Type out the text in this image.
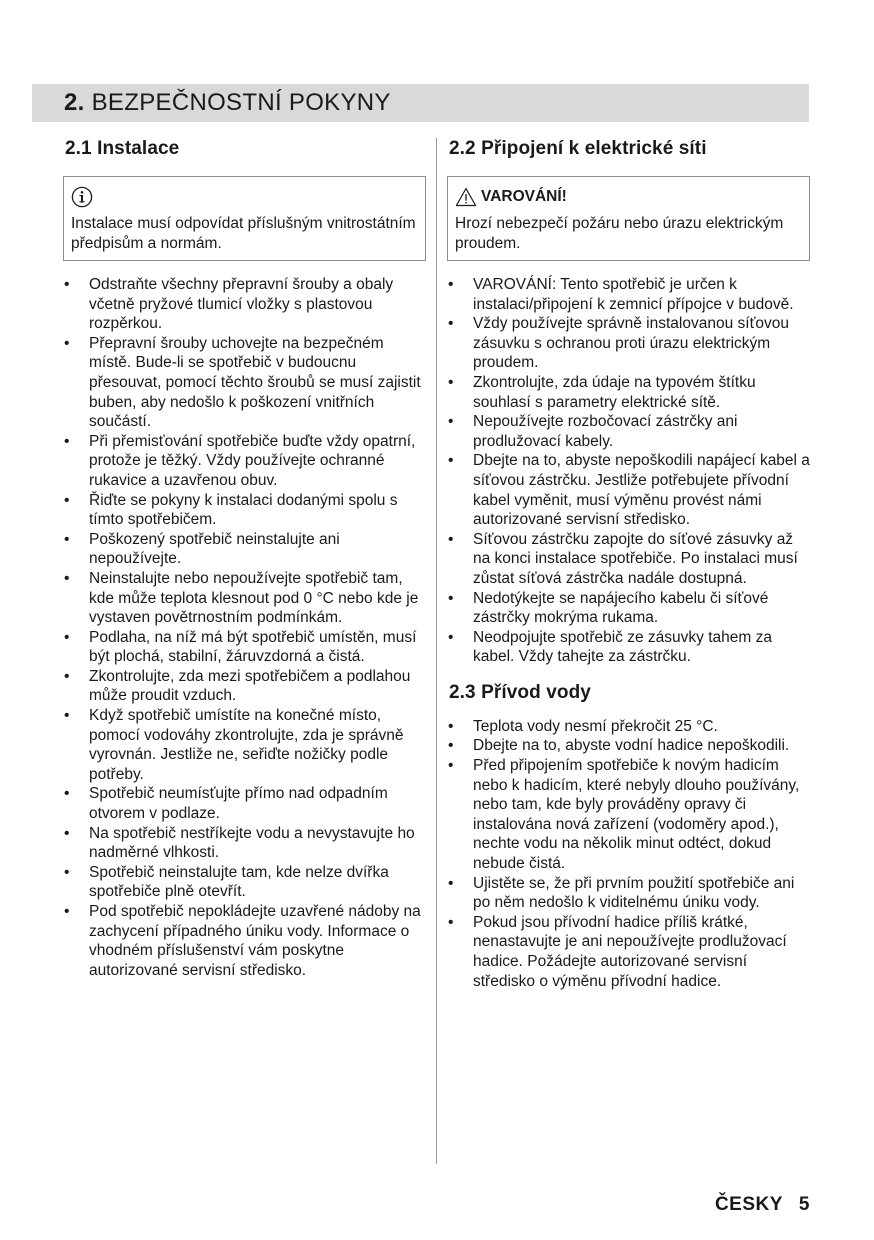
2. BEZPEČNOSTNÍ POKYNY
2.1 Instalace
Instalace musí odpovídat příslušným vnitrostátním předpisům a normám.
• Odstraňte všechny přepravní šrouby a obaly včetně pryžové tlumicí vložky s plastovou rozpěrkou.
• Přepravní šrouby uchovejte na bezpečném místě. Bude-li se spotřebič v budoucnu přesouvat, pomocí těchto šroubů se musí zajistit buben, aby nedošlo k poškození vnitřních součástí.
• Při přemisťování spotřebiče buďte vždy opatrní, protože je těžký. Vždy používejte ochranné rukavice a uzavřenou obuv.
• Řiďte se pokyny k instalaci dodanými spolu s tímto spotřebičem.
• Poškozený spotřebič neinstalujte ani nepoužívejte.
• Neinstalujte nebo nepoužívejte spotřebič tam, kde může teplota klesnout pod 0 °C nebo kde je vystaven povětrnostním podmínkám.
• Podlaha, na níž má být spotřebič umístěn, musí být plochá, stabilní, žáruvzdorná a čistá.
• Zkontrolujte, zda mezi spotřebičem a podlahou může proudit vzduch.
• Když spotřebič umístíte na konečné místo, pomocí vodováhy zkontrolujte, zda je správně vyrovnán. Jestliže ne, seřiďte nožičky podle potřeby.
• Spotřebič neumísťujte přímo nad odpadním otvorem v podlaze.
• Na spotřebič nestříkejte vodu a nevystavujte ho nadměrné vlhkosti.
• Spotřebič neinstalujte tam, kde nelze dvířka spotřebiče plně otevřít.
• Pod spotřebič nepokládejte uzavřené nádoby na zachycení případného úniku vody. Informace o vhodném příslušenství vám poskytne autorizované servisní středisko.
2.2 Připojení k elektrické síti
VAROVÁNÍ!
Hrozí nebezpečí požáru nebo úrazu elektrickým proudem.
• VAROVÁNÍ: Tento spotřebič je určen k instalaci/připojení k zemnicí přípojce v budově.
• Vždy používejte správně instalovanou síťovou zásuvku s ochranou proti úrazu elektrickým proudem.
• Zkontrolujte, zda údaje na typovém štítku souhlasí s parametry elektrické sítě.
• Nepoužívejte rozbočovací zástrčky ani prodlužovací kabely.
• Dbejte na to, abyste nepoškodili napájecí kabel a síťovou zástrčku. Jestliže potřebujete přívodní kabel vyměnit, musí výměnu provést námi autorizované servisní středisko.
• Síťovou zástrčku zapojte do síťové zásuvky až na konci instalace spotřebiče. Po instalaci musí zůstat síťová zástrčka nadále dostupná.
• Nedotýkejte se napájecího kabelu či síťové zástrčky mokrýma rukama.
• Neodpojujte spotřebič ze zásuvky tahem za kabel. Vždy tahejte za zástrčku.
2.3 Přívod vody
• Teplota vody nesmí překročit 25 °C.
• Dbejte na to, abyste vodní hadice nepoškodili.
• Před připojením spotřebiče k novým hadicím nebo k hadicím, které nebyly dlouho používány, nebo tam, kde byly prováděny opravy či instalována nová zařízení (vodoměry apod.), nechte vodu na několik minut odtéct, dokud nebude čistá.
• Ujistěte se, že při prvním použití spotřebiče ani po něm nedošlo k viditelnému úniku vody.
• Pokud jsou přívodní hadice příliš krátké, nenastavujte je ani nepoužívejte prodlužovací hadice. Požádejte autorizované servisní středisko o výměnu přívodní hadice.
ČESKY 5
